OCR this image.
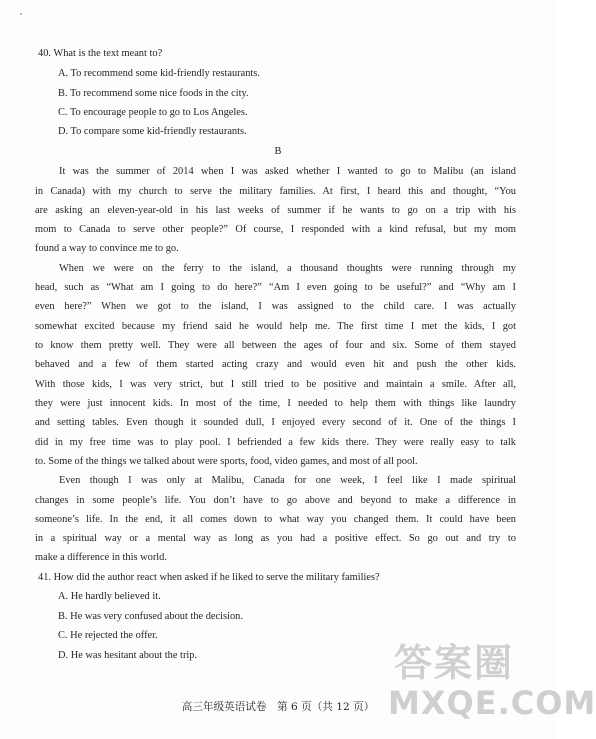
40. What is the text meant to?
A. To recommend some kid-friendly restaurants.
B. To recommend some nice foods in the city.
C. To encourage people to go to Los Angeles.
D. To compare some kid-friendly restaurants.
B
It was the summer of 2014 when I was asked whether I wanted to go to Malibu (an island
in Canada) with my church to serve the military families. At first, I heard this and thought, “You
are asking an eleven-year-old in his last weeks of summer if he wants to go on a trip with his
mom to Canada to serve other people?” Of course, I responded with a kind refusal, but my mom
found a way to convince me to go.
When we were on the ferry to the island, a thousand thoughts were running through my
head, such as “What am I going to do here?” “Am I even going to be useful?” and “Why am I
even here?” When we got to the island, I was assigned to the child care. I was actually
somewhat excited because my friend said he would help me. The first time I met the kids, I got
to know them pretty well. They were all between the ages of four and six. Some of them stayed
behaved and a few of them started acting crazy and would even hit and push the other kids.
With those kids, I was very strict, but I still tried to be positive and maintain a smile. After all,
they were just innocent kids. In most of the time, I needed to help them with things like laundry
and setting tables. Even though it sounded dull, I enjoyed every second of it. One of the things I
did in my free time was to play pool. I befriended a few kids there. They were really easy to talk
to. Some of the things we talked about were sports, food, video games, and most of all pool.
Even though I was only at Malibu, Canada for one week, I feel like I made spiritual
changes in some people’s life. You don’t have to go above and beyond to make a difference in
someone’s life. In the end, it all comes down to what way you changed them. It could have been
in a spiritual way or a mental way as long as you had a positive effect. So go out and try to
make a difference in this world.
41. How did the author react when asked if he liked to serve the military families?
A. He hardly believed it.
B. He was very confused about the decision.
C. He rejected the offer.
D. He was hesitant about the trip.
高三年级英语试卷　第 6 页（共 12 页）
答案圈
MXQE.COM
